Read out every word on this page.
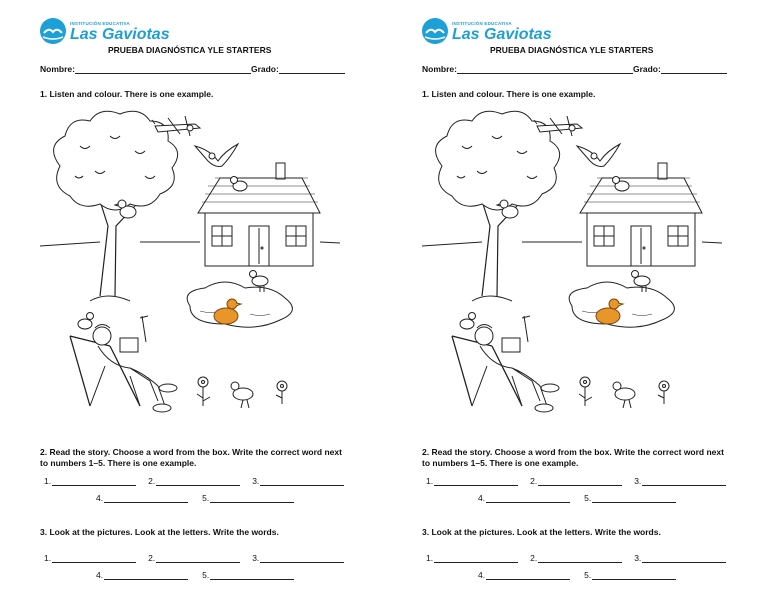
INSTITUCIÓN EDUCATIVA
Las Gaviotas
PRUEBA DIAGNÓSTICA YLE STARTERS
Nombre:	Grado:
1. Listen and colour. There is one example.
2. Read the story. Choose a word from the box. Write the correct word next
to numbers 1–5. There is one example.
1.	2.	3.
4.	5.
3. Look at the pictures. Look at the letters. Write the words.
1.	2.	3.
4.	5.
INSTITUCIÓN EDUCATIVA
Las Gaviotas
PRUEBA DIAGNÓSTICA YLE STARTERS
Nombre:	Grado:
1. Listen and colour. There is one example.
2. Read the story. Choose a word from the box. Write the correct word next
to numbers 1–5. There is one example.
1.	2.	3.
4.	5.
3. Look at the pictures. Look at the letters. Write the words.
1.	2.	3.
4.	5.
